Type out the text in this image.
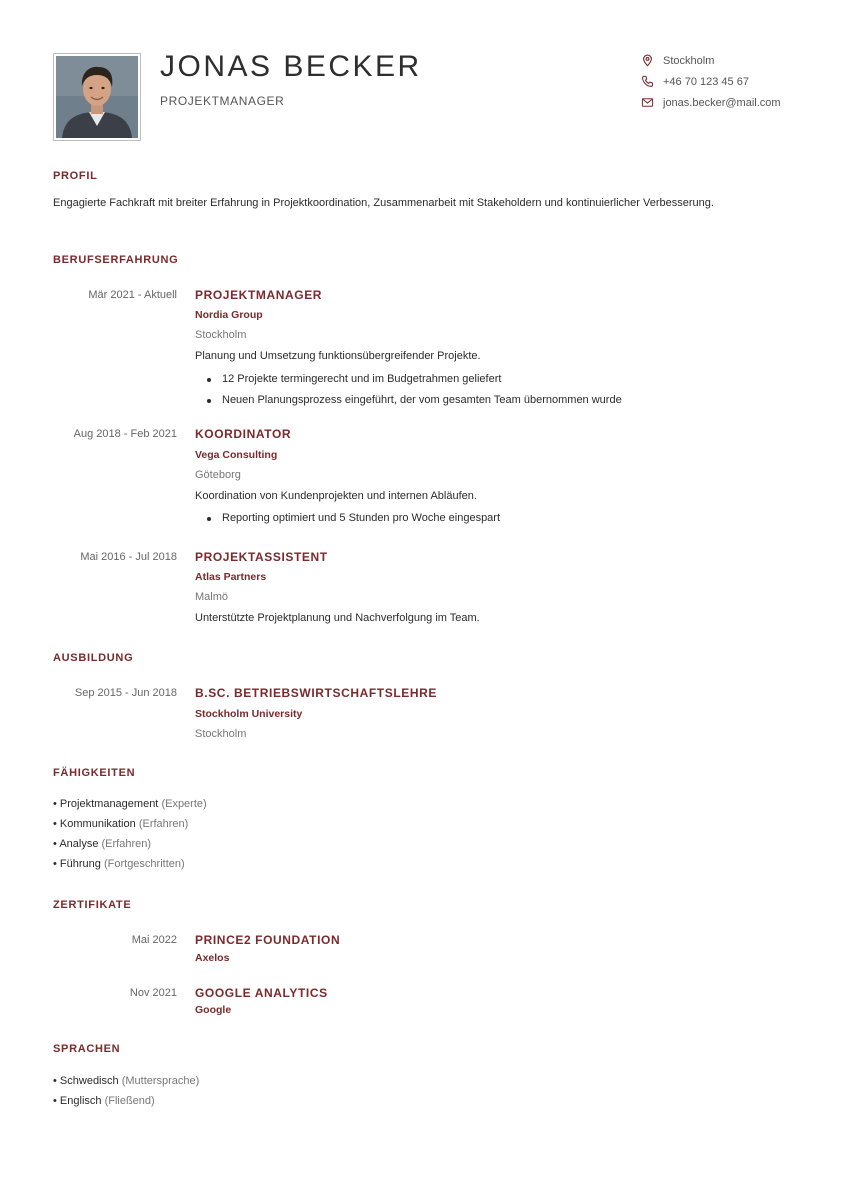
JONAS BECKER
PROJEKTMANAGER
Stockholm
+46 70 123 45 67
jonas.becker@mail.com
PROFIL
Engagierte Fachkraft mit breiter Erfahrung in Projektkoordination, Zusammenarbeit mit Stakeholdern und kontinuierlicher Verbesserung.
BERUFSERFAHRUNG
Mär 2021 - Aktuell PROJEKTMANAGER
Nordia Group
Stockholm
Planung und Umsetzung funktionsübergreifender Projekte.
12 Projekte termingerecht und im Budgetrahmen geliefert
Neuen Planungsprozess eingeführt, der vom gesamten Team übernommen wurde
Aug 2018 - Feb 2021 KOORDINATOR
Vega Consulting
Göteborg
Koordination von Kundenprojekten und internen Abläufen.
Reporting optimiert und 5 Stunden pro Woche eingespart
Mai 2016 - Jul 2018 PROJEKTASSISTENT
Atlas Partners
Malmö
Unterstützte Projektplanung und Nachverfolgung im Team.
AUSBILDUNG
Sep 2015 - Jun 2018 B.SC. BETRIEBSWIRTSCHAFTSLEHRE
Stockholm University
Stockholm
FÄHIGKEITEN
• Projektmanagement (Experte)
• Kommunikation (Erfahren)
• Analyse (Erfahren)
• Führung (Fortgeschritten)
ZERTIFIKATE
Mai 2022 PRINCE2 FOUNDATION
Axelos
Nov 2021 GOOGLE ANALYTICS
Google
SPRACHEN
• Schwedisch (Muttersprache)
• Englisch (Fließend)
